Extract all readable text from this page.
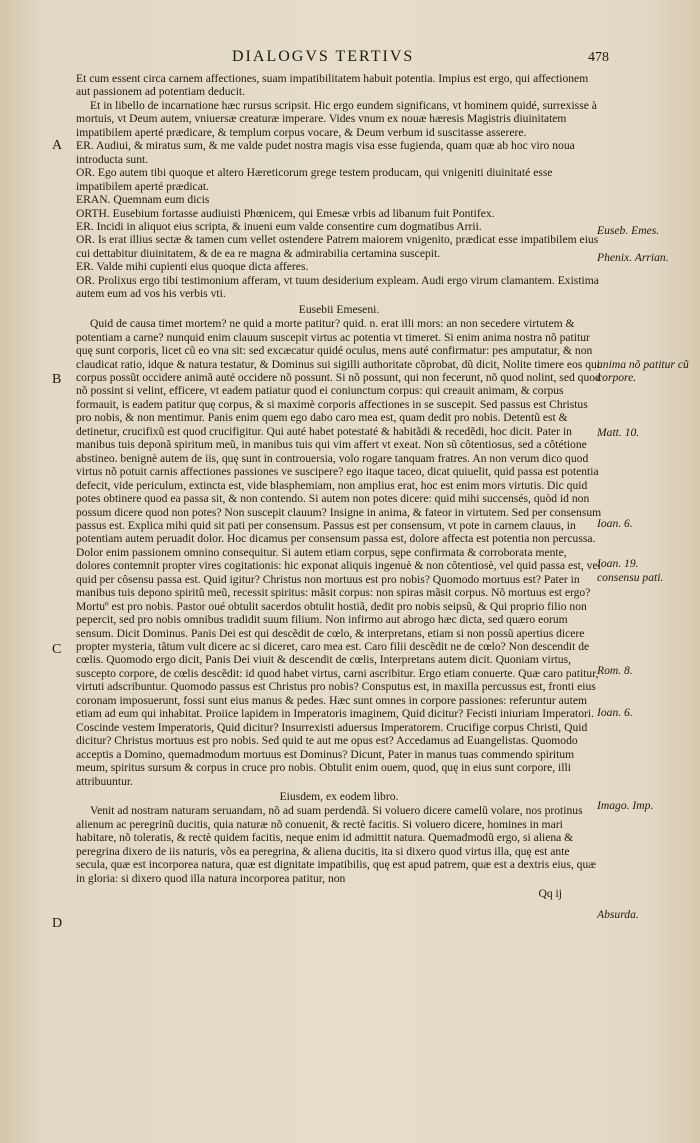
DIALOGVS TERTIVS	478
A
B
C
D

Et cum essent circa carnem affectiones, suam impatibilitatem habuit potentia. Impius est ergo, qui affectionem aut passionem ad potentiam deducit.

Et in libello de incarnatione hæc rursus scripsit. Hic ergo eundem significans, vt hominem quidé, surrexisse à mortuis, vt Deum autem, vniuersæ creaturæ imperare. Vides vnum ex nouæ hæresis Magistris diuinitatem impatibilem aperté prædicare, & templum corpus vocare, & Deum verbum id suscitasse asserere.

ER. Audiui, & miratus sum, & me valde pudet nostra magis visa esse fugienda, quam quæ ab hoc viro noua introducta sunt.

OR. Ego autem tibi quoque et altero Hæreticorum grege testem producam, qui vnigeniti diuinitaté esse impatibilem aperté prædicat.

ERAN. Quemnam eum dicis

ORTH. Eusebium fortasse audiuisti Phœnicem, qui Emesæ vrbis ad libanum fuit Pontifex.

ER. Incidi in aliquot eius scripta, & inueni eum valde consentire cum dogmatibus Arrii.

OR. Is erat illius sectæ & tamen cum vellet ostendere Patrem maiorem vnigenito, prædicat esse impatibilem eius cui dettabitur diuinitatem, & de ea re magna & admirabilia certamina suscepit.

ER. Valde mihi cupienti eius quoque dicta afferes.

OR. Prolixus ergo tibi testimonium afferam, vt tuum desiderium expleam. Audi ergo virum clamantem. Existima autem eum ad vos his verbis vti.

Eusebii Emeseni.

Quid de causa timet mortem? ne quid a morte patitur? quid. n. erat illi mors: an non secedere virtutem & potentiam a carne? nunquid enim clauum suscepit virtus ac potentia vt timeret. Si enim anima nostra nõ patitur quę sunt corporis, licet cũ eo vna sit: sed excæcatur quidé oculus, mens auté confirmatur: pes amputatur, & non claudicat ratio, idque & natura testatur, & Dominus sui sigilli authoritate cõprobat, dũ dicit, Nolite timere eos qui corpus possũt occidere animã auté occidere nõ possunt. Si nõ possunt, qui non fecerunt, nõ quod nolint, sed quod nõ possint si velint, efficere, vt eadem patiatur quod ei coniunctum corpus: qui creauit animam, & corpus formauit, is eadem patitur quę corpus, & si maximè corporis affectiones in se suscepit. Sed passus est Christus pro nobis, & non mentimur. Panis enim quem ego dabo caro mea est, quam dedit pro nobis. Detentũ est & detinetur, crucifixũ est quod crucifigitur. Qui auté habet potestaté & habitãdi & recedẽdi, hoc dicit. Pater in manibus tuis deponã spiritum meũ, in manibus tuis qui vim affert vt exeat. Non sũ côtentiosus, sed a côtétione abstineo. benignè autem de iis, quę sunt in controuersia, volo rogare tanquam fratres. An non verum dico quod virtus nõ potuit carnis affectiones passiones ve suscipere? ego itaque taceo, dicat quiuelit, quid passa est potentia defecit, vide periculum, extincta est, vide blasphemiam, non amplius erat, hoc est enim mors virtutis. Dic quid potes obtinere quod ea passa sit, & non contendo. Si autem non potes dicere: quid mihi succensés, quòd id non possum dicere quod non potes? Non suscepit clauum? Insigne in anima, & fateor in virtutem. Sed per consensum passus est. Explica mihi quid sit pati per consensum. Passus est per consensum, vt pote in carnem clauus, in potentiam autem peruadit dolor. Hoc dicamus per consensum passa est, dolore affecta est potentia non percussa. Dolor enim passionem omnino consequitur. Si autem etiam corpus, sępe confirmata & corroborata mente, dolores contemnit propter vires cogitationis: hic exponat aliquis ingenuè & non côtentiosè, vel quid passa est, vel quid per côsensu passa est. Quid igitur? Christus non mortuus est pro nobis? Quomodo mortuus est? Pater in manibus tuis depono spiritũ meũ, recessit spiritus: mãsit corpus: non spiras mãsit corpus. Nõ mortuus est ergo? Mortuº est pro nobis. Pastor oué obtulit sacerdos obtulit hostiã, dedit pro nobis seipsũ, & Qui proprio filio non pepercit, sed pro nobis omnibus tradidit suum filium. Non infirmo aut abrogo hæc dicta, sed quæro eorum sensum. Dicit Dominus. Panis Dei est qui descẽdit de cœlo, & interpretans, etiam si non possũ apertius dicere propter mysteria, tãtum vult dicere ac si diceret, caro mea est. Caro filii descẽdit ne de cœlo? Non descendit de cœlis. Quomodo ergo dicit, Panis Dei viuit & descendit de cœlis, Interpretans autem dicit. Quoniam virtus, suscepto corpore, de cœlis descẽdit: id quod habet virtus, carni ascribitur. Ergo etiam conuerte. Quæ caro patitur, virtuti adscribuntur. Quomodo passus est Christus pro nobis? Consputus est, in maxilla percussus est, fronti eius coronam imposuerunt, fossi sunt eius manus & pedes. Hæc sunt omnes in corpore passiones: referuntur autem etiam ad eum qui inhabitat. Proiice lapidem in Imperatoris imaginem, Quid dicitur? Fecisti iniuriam Imperatori. Coscinde vestem Imperatoris, Quid dicitur? Insurrexisti aduersus Imperatorem. Crucifige corpus Christi, Quid dicitur? Christus mortuus est pro nobis. Sed quid te aut me opus est? Accedamus ad Euangelistas. Quomodo acceptis a Domino, quemadmodum mortuus est Dominus? Dicunt, Pater in manus tuas commendo spiritum meum, spiritus sursum & corpus in cruce pro nobis. Obtulit enim ouem, quod, quę in eius sunt corpore, illi attribuuntur.

Eiusdem, ex eodem libro.

Venit ad nostram naturam seruandam, nõ ad suam perdendã. Si voluero dicere camelũ volare, nos protinus alienum ac peregrinũ ducitis, quia naturæ nõ conuenit, & rectè facitis. Si voluero dicere, homines in mari habitare, nõ toleratis, & rectè quidem facitis, neque enim id admittit natura. Quemadmodũ ergo, si aliena & peregrina dixero de iis naturis, võs ea peregrina, & aliena ducitis, ita si dixero quod virtus illa, quę est ante secula, quæ est incorporea natura, quæ est dignitate impatibilis, quę est apud patrem, quæ est a dextris eius, quæ in gloria: si dixero quod illa natura incorporea patitur, non

Qq ij

Euseb. Emes.
Phenix. Arrian.
anima nõ patitur cũ corpore.
Matt. 10.
Ioan. 6.
Ioan. 19.
consensu pati.
Rom. 8.
Ioan. 6.
Imago. Imp.
Absurda.
